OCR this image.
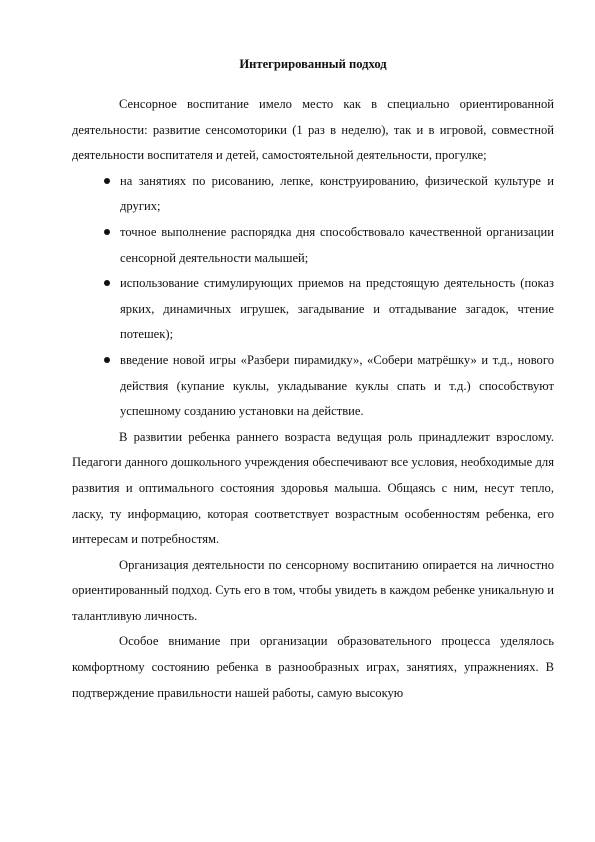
Интегрированный подход

Сенсорное воспитание имело место как в специально ориентированной деятельности: развитие сенсомоторики (1 раз в неделю), так и в игровой, совместной деятельности воспитателя и детей, самостоятельной деятельности, прогулке;

на занятиях по рисованию, лепке, конструированию, физической культуре и других;
точное выполнение распорядка дня способствовало качественной организации сенсорной деятельности малышей;
использование стимулирующих приемов на предстоящую деятельность (показ ярких, динамичных игрушек, загадывание и отгадывание загадок, чтение потешек);
введение новой игры «Разбери пирамидку», «Собери матрёшку» и т.д., нового действия (купание куклы, укладывание куклы спать и т.д.) способствуют успешному созданию установки на действие.

В развитии ребенка раннего возраста ведущая роль принадлежит взрослому. Педагоги данного дошкольного учреждения обеспечивают все условия, необходимые для развития и оптимального состояния здоровья малыша. Общаясь с ним, несут тепло, ласку, ту информацию, которая соответствует возрастным особенностям ребенка, его интересам и потребностям.

Организация деятельности по сенсорному воспитанию опирается на личностно ориентированный подход. Суть его в том, чтобы увидеть в каждом ребенке уникальную и талантливую личность.

Особое внимание при организации образовательного процесса уделялось комфортному состоянию ребенка в разнообразных играх, занятиях, упражнениях. В подтверждение правильности нашей работы, самую высокую
